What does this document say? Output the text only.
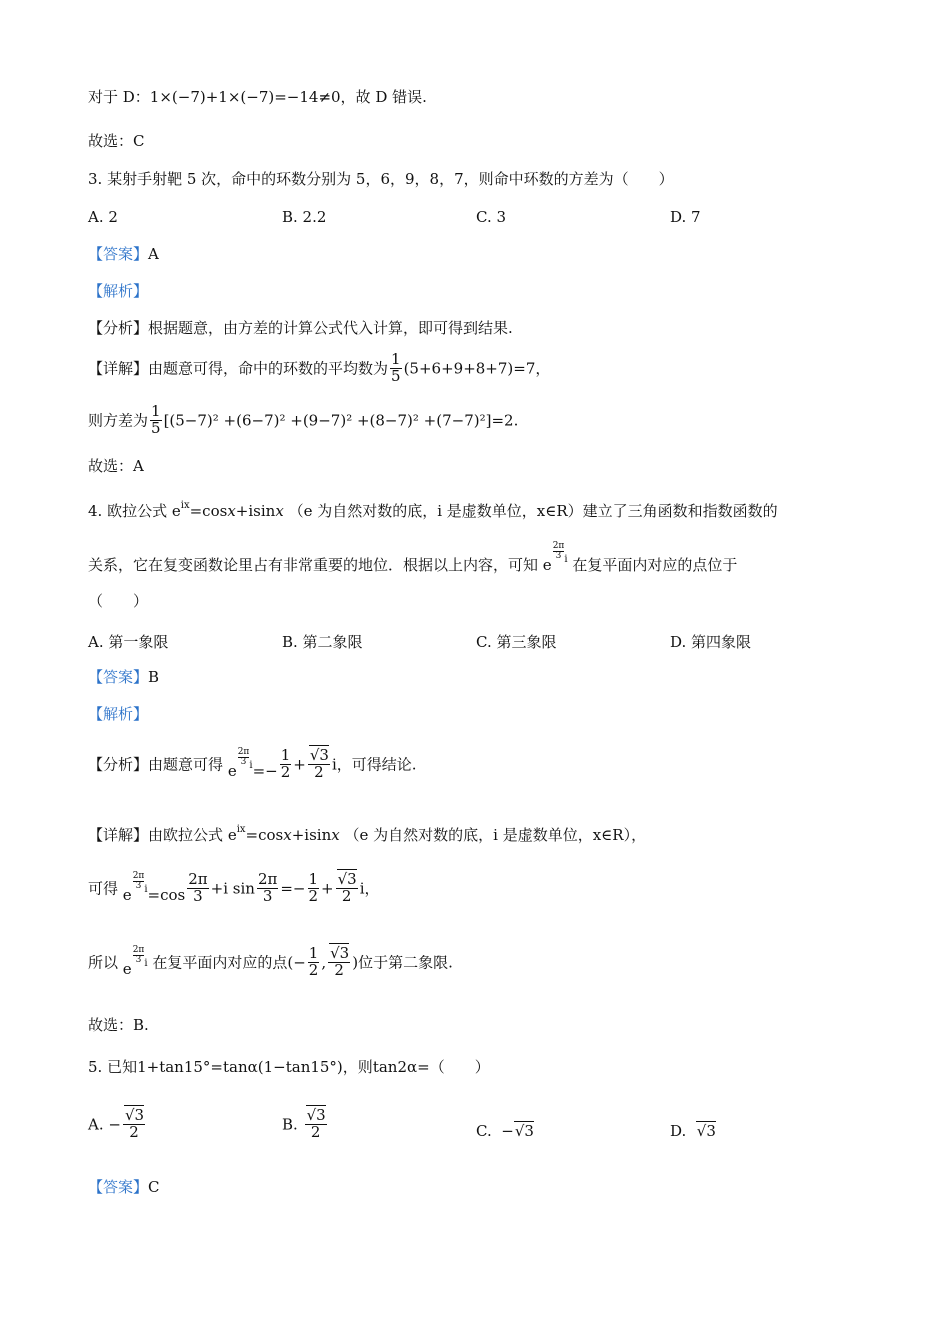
对于 D：1×(−7)+1×(−7)=−14≠0，故 D 错误.
故选：C
3. 某射手射靶 5 次，命中的环数分别为 5，6，9，8，7，则命中环数的方差为（　　）
A. 2	B. 2.2	C. 3	D. 7
【答案】A
【解析】
【分析】根据题意，由方差的计算公式代入计算，即可得到结果.
【详解】由题意可得，命中的环数的平均数为 $\frac{1}{5} (5+6+9+8+7)=7$，
则方差为 $\frac{1}{5} [(5-7)^2 +(6-7)^2 +(9-7)^2 +(8-7)^2 +(7-7)^2]=2$.
故选：A
4. 欧拉公式 $e^{ix}=\cos x+isinx$ （e 为自然对数的底，i 是虚数单位，x∈R）建立了三角函数和指数函数的
关系，它在复变函数论里占有非常重要的地位．根据以上内容，可知 e
$\frac{2\pi}{3} ^i$ 在复平面内对应的点位于
（　　）
A. 第一象限	B. 第二象限	C. 第三象限	D. 第四象限
【答案】B
【解析】
【分析】由题意可得 e
$\frac{2\pi}{3} ^i=- \frac{1}{2} + \frac{√3}{2}$ i，可得结论.
【详解】由欧拉公式 $e^{ix}=\cos x+isinx$ （e 为自然对数的底，i 是虚数单位，x∈R），
可得 e
$\frac{2\pi}{3} ^i=\cos \frac{2\pi}{3} +i$ $\sin \frac{2\pi}{3} =- \frac{1}{2} + \frac{√3}{2}$ i，
所以 e
$\frac{2\pi}{3} ^i$ 在复平面内对应的点(− $\frac{1}{2}$ , $\frac{√3}{2}$ )位于第二象限.
故选：B.
5. 已知1+tan15°=tanα(1−tan15°)，则tan2α=（　　）
A. − $\frac{√3}{2}$	B. $\frac{√3}{2}$	C.  −√3	D.  √3
【答案】C
